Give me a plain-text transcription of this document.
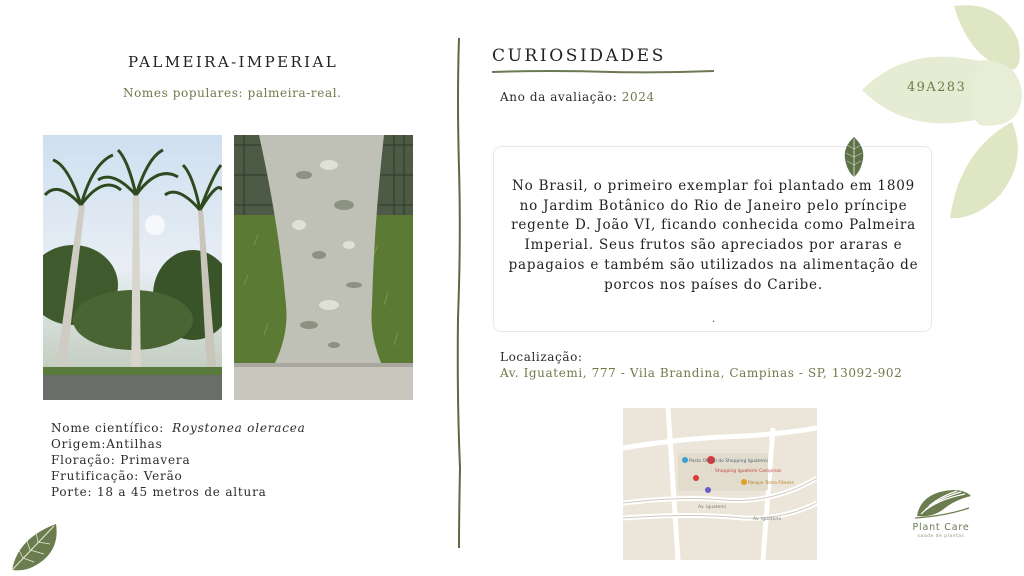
PALMEIRA-IMPERIAL
Nomes populares: palmeira-real.
Nome científico: Roystonea oleracea
Origem:Antilhas
Floração: Primavera
Frutificação: Verão
Porte: 18 a 45 metros de altura
CURIOSIDADES
Ano da avaliação: 2024
49A283
No Brasil, o primeiro exemplar foi plantado em 1809 no Jardim Botânico do Rio de Janeiro pelo príncipe regente D. João VI, ficando conhecida como Palmeira Imperial. Seus frutos são apreciados por araras e papagaios e também são utilizados na alimentação de porcos nos países do Caribe.
.
Localização:
Av. Iguatemi, 777 - Vila Brandina, Campinas - SP, 13092-902
Posto Oficial do Shopping Iguatemi
Shopping Iguatemi Campinas
Parque Tema Fitness
Av. Iguatemi
Av. Iguatemi
Plant Care
saúde de plantas
